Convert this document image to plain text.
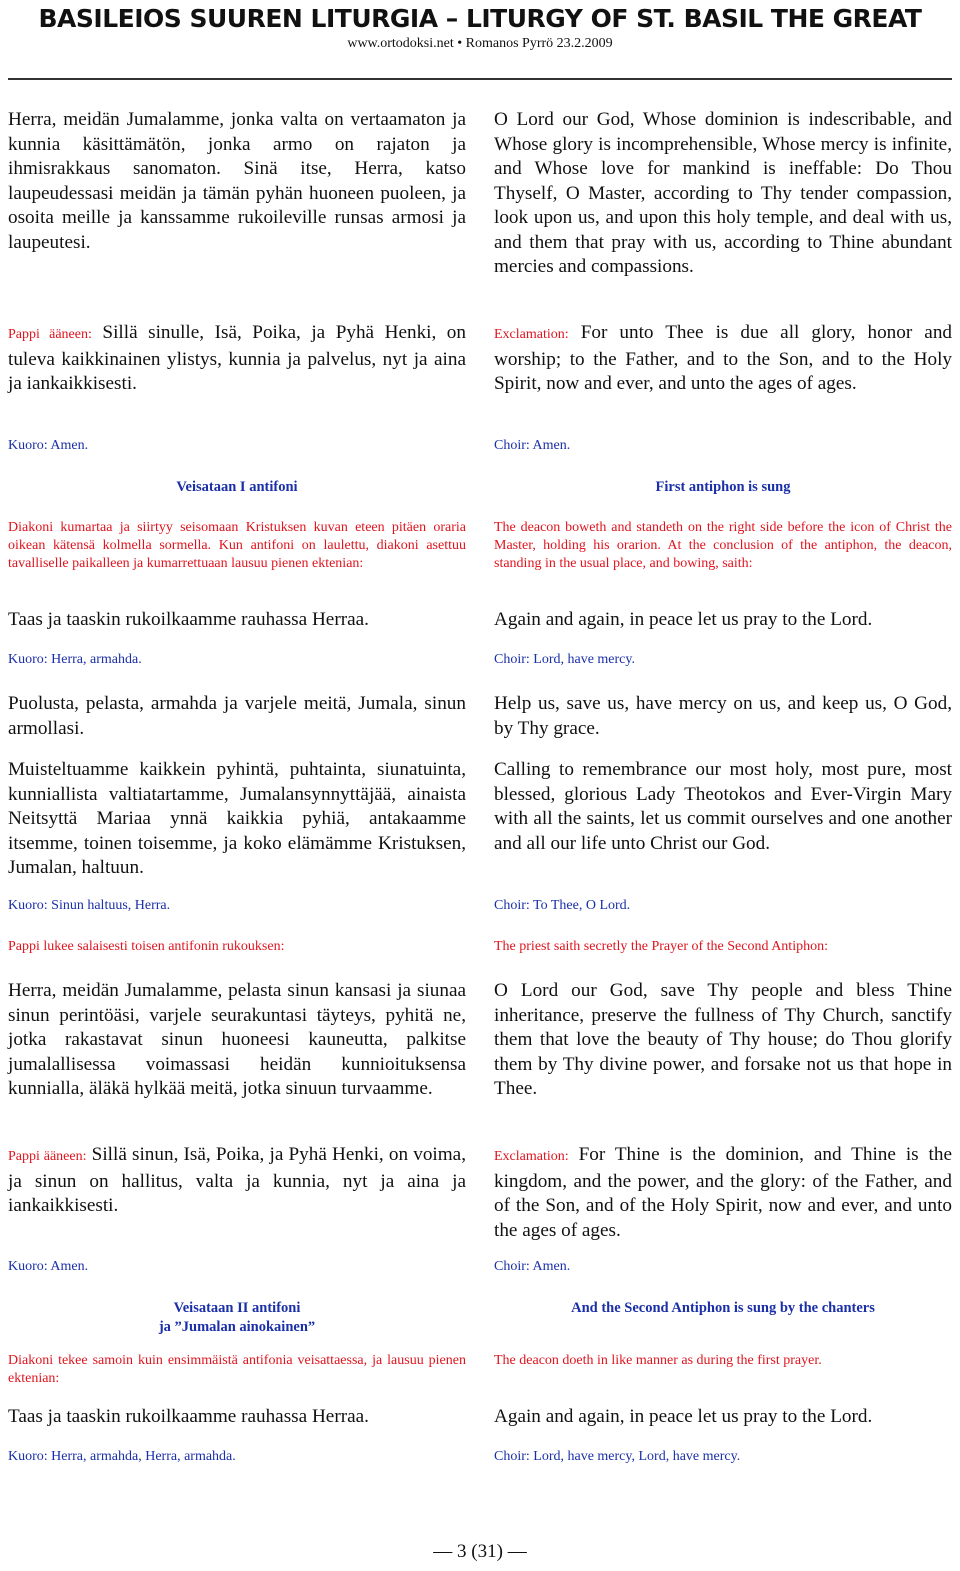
BASILEIOS SUUREN LITURGIA – LITURGY OF ST. BASIL THE GREAT
www.ortodoksi.net • Romanos Pyrrö 23.2.2009
Herra, meidän Jumalamme, jonka valta on vertaamaton ja kunnia käsittämätön, jonka armo on rajaton ja ihmisrakkaus sanomaton. Sinä itse, Herra, katso laupeudessasi meidän ja tämän pyhän huoneen puoleen, ja osoita meille ja kanssamme rukoileville runsas armosi ja laupeutesi.
Pappi ääneen: Sillä sinulle, Isä, Poika, ja Pyhä Henki, on tuleva kaikkinainen ylistys, kunnia ja palvelus, nyt ja aina ja iankaikkisesti.
Kuoro: Amen.
Veisataan I antifoni
Diakoni kumartaa ja siirtyy seisomaan Kristuksen kuvan eteen pitäen oraria oikean kätensä kolmella sormella. Kun antifoni on laulettu, diakoni asettuu tavalliselle paikalleen ja kumarrettuaan lausuu pienen ektenian:
Taas ja taaskin rukoilkaamme rauhassa Herraa.
Kuoro: Herra, armahda.
Puolusta, pelasta, armahda ja varjele meitä, Jumala, sinun armollasi.
Muisteltuamme kaikkein pyhintä, puhtainta, siunatuinta, kunniallista valtiatartamme, Jumalansynnyttäjää, ainaista Neitsyttä Mariaa ynnä kaikkia pyhiä, antakaamme itsemme, toinen toisemme, ja koko elämämme Kristuksen, Jumalan, haltuun.
Kuoro: Sinun haltuus, Herra.
Pappi lukee salaisesti toisen antifonin rukouksen:
Herra, meidän Jumalamme, pelasta sinun kansasi ja siunaa sinun perintöäsi, varjele seurakuntasi täyteys, pyhitä ne, jotka rakastavat sinun huoneesi kauneutta, palkitse jumalallisessa voimassasi heidän kunnioituksensa kunnialla, äläkä hylkää meitä, jotka sinuun turvaamme.
Pappi ääneen: Sillä sinun, Isä, Poika, ja Pyhä Henki, on voima, ja sinun on hallitus, valta ja kunnia, nyt ja aina ja iankaikkisesti.
Kuoro: Amen.
Veisataan II antifoni
ja ”Jumalan ainokainen”
Diakoni tekee samoin kuin ensimmäistä antifonia veisattaessa, ja lausuu pienen ektenian:
Taas ja taaskin rukoilkaamme rauhassa Herraa.
Kuoro: Herra, armahda, Herra, armahda.
O Lord our God, Whose dominion is indescribable, and Whose glory is incomprehensible, Whose mercy is infinite, and Whose love for mankind is ineffable: Do Thou Thyself, O Master, according to Thy tender compassion, look upon us, and upon this holy temple, and deal with us, and them that pray with us, according to Thine abundant mercies and compassions.
Exclamation: For unto Thee is due all glory, honor and worship; to the Father, and to the Son, and to the Holy Spirit, now and ever, and unto the ages of ages.
Choir: Amen.
First antiphon is sung
The deacon boweth and standeth on the right side before the icon of Christ the Master, holding his orarion. At the conclusion of the antiphon, the deacon, standing in the usual place, and bowing, saith:
Again and again, in peace let us pray to the Lord.
Choir: Lord, have mercy.
Help us, save us, have mercy on us, and keep us, O God, by Thy grace.
Calling to remembrance our most holy, most pure, most blessed, glorious Lady Theotokos and Ever-Virgin Mary with all the saints, let us commit ourselves and one another and all our life unto Christ our God.
Choir: To Thee, O Lord.
The priest saith secretly the Prayer of the Second Antiphon:
O Lord our God, save Thy people and bless Thine inheritance, preserve the fullness of Thy Church, sanctify them that love the beauty of Thy house; do Thou glorify them by Thy divine power, and forsake not us that hope in Thee.
Exclamation: For Thine is the dominion, and Thine is the kingdom, and the power, and the glory: of the Father, and of the Son, and of the Holy Spirit, now and ever, and unto the ages of ages.
Choir: Amen.
And the Second Antiphon is sung by the chanters
The deacon doeth in like manner as during the first prayer.
Again and again, in peace let us pray to the Lord.
Choir: Lord, have mercy, Lord, have mercy.
— 3 (31) —
